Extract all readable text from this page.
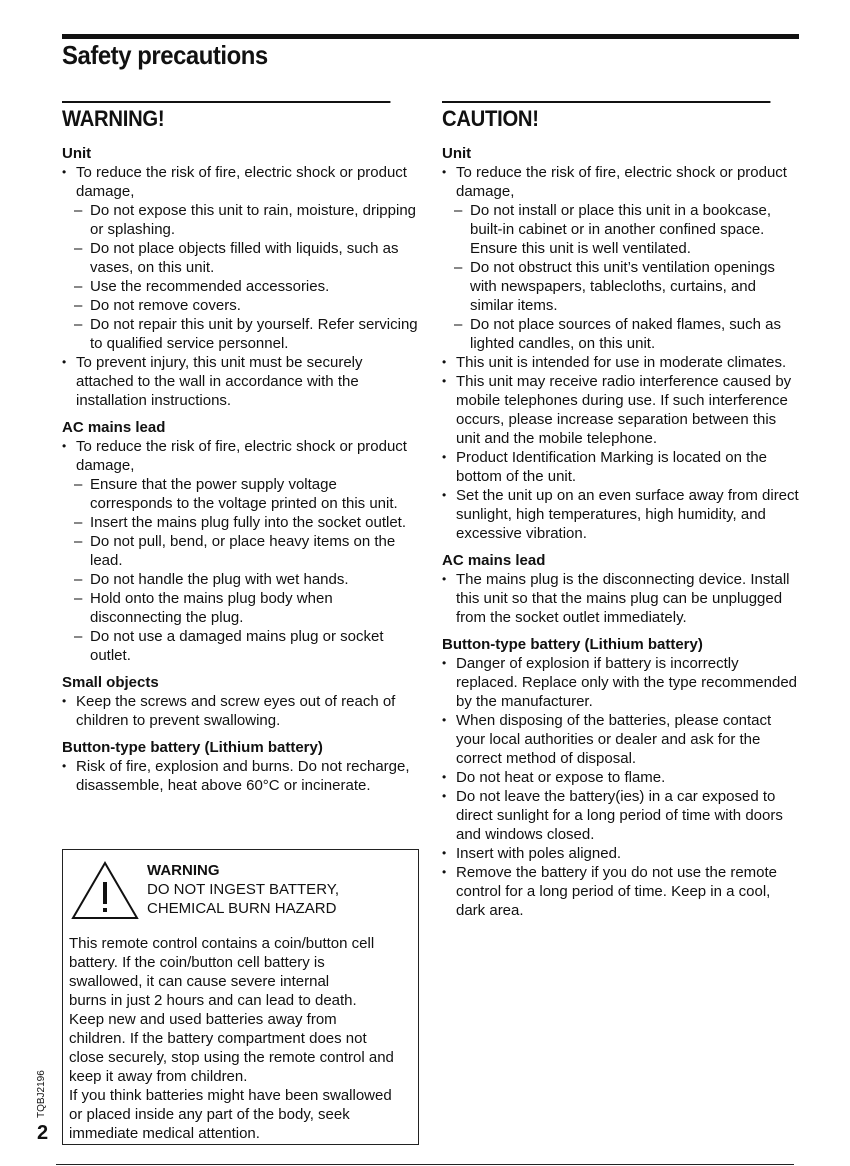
Safety precautions
WARNING!
Unit
• To reduce the risk of fire, electric shock or product damage,
– Do not expose this unit to rain, moisture, dripping or splashing.
– Do not place objects filled with liquids, such as vases, on this unit.
– Use the recommended accessories.
– Do not remove covers.
– Do not repair this unit by yourself. Refer servicing to qualified service personnel.
• To prevent injury, this unit must be securely attached to the wall in accordance with the installation instructions.
AC mains lead
• To reduce the risk of fire, electric shock or product damage,
– Ensure that the power supply voltage corresponds to the voltage printed on this unit.
– Insert the mains plug fully into the socket outlet.
– Do not pull, bend, or place heavy items on the lead.
– Do not handle the plug with wet hands.
– Hold onto the mains plug body when disconnecting the plug.
– Do not use a damaged mains plug or socket outlet.
Small objects
• Keep the screws and screw eyes out of reach of children to prevent swallowing.
Button-type battery (Lithium battery)
• Risk of fire, explosion and burns. Do not recharge, disassemble, heat above 60°C or incinerate.
WARNING
DO NOT INGEST BATTERY,
CHEMICAL BURN HAZARD
This remote control contains a coin/button cell
battery. If the coin/button cell battery is
swallowed, it can cause severe internal
burns in just 2 hours and can lead to death.
Keep new and used batteries away from
children. If the battery compartment does not
close securely, stop using the remote control and
keep it away from children.
If you think batteries might have been swallowed
or placed inside any part of the body, seek
immediate medical attention.
CAUTION!
Unit
• To reduce the risk of fire, electric shock or product damage,
– Do not install or place this unit in a bookcase, built-in cabinet or in another confined space. Ensure this unit is well ventilated.
– Do not obstruct this unit’s ventilation openings with newspapers, tablecloths, curtains, and similar items.
– Do not place sources of naked flames, such as lighted candles, on this unit.
• This unit is intended for use in moderate climates.
• This unit may receive radio interference caused by mobile telephones during use. If such interference occurs, please increase separation between this unit and the mobile telephone.
• Product Identification Marking is located on the bottom of the unit.
• Set the unit up on an even surface away from direct sunlight, high temperatures, high humidity, and excessive vibration.
AC mains lead
• The mains plug is the disconnecting device. Install this unit so that the mains plug can be unplugged from the socket outlet immediately.
Button-type battery (Lithium battery)
• Danger of explosion if battery is incorrectly replaced. Replace only with the type recommended by the manufacturer.
• When disposing of the batteries, please contact your local authorities or dealer and ask for the correct method of disposal.
• Do not heat or expose to flame.
• Do not leave the battery(ies) in a car exposed to direct sunlight for a long period of time with doors and windows closed.
• Insert with poles aligned.
• Remove the battery if you do not use the remote control for a long period of time. Keep in a cool, dark area.
TQBJ2196
2
